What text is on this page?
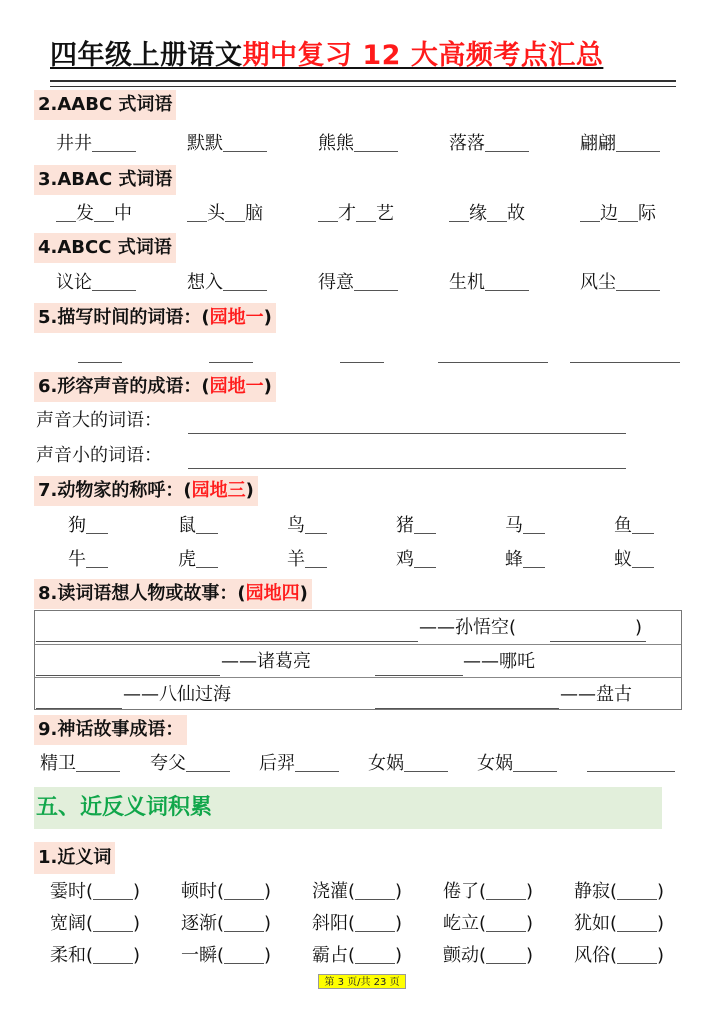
四年级上册语文期中复习 12 大高频考点汇总
2.AABC 式词语
井井	默默	熊熊	落落	翩翩
3.ABAC 式词语
发 中	头 脑	才 艺	缘 故	边 际
4.ABCC 式词语
议论	想入	得意	生机	风尘
5.描写时间的词语：(园地一)
6.形容声音的成语：(园地一)
声音大的词语：
声音小的词语：
7.动物家的称呼：(园地三)
狗	鼠	鸟	猪	马	鱼
牛	虎	羊	鸡	蜂	蚁
8.读词语想人物或故事：(园地四)
——孙悟空(	)
——诸葛亮	——哪吒
——八仙过海	——盘古
9.神话故事成语：
精卫	夸父	后羿	女娲	女娲
五、近反义词积累
1.近义词
霎时( ) 顿时( ) 浇灌( ) 倦了( ) 静寂( )
宽阔( ) 逐渐( ) 斜阳( ) 屹立( ) 犹如( )
柔和( ) 一瞬( ) 霸占( ) 颤动( ) 风俗( )
第 3 页/共 23 页
